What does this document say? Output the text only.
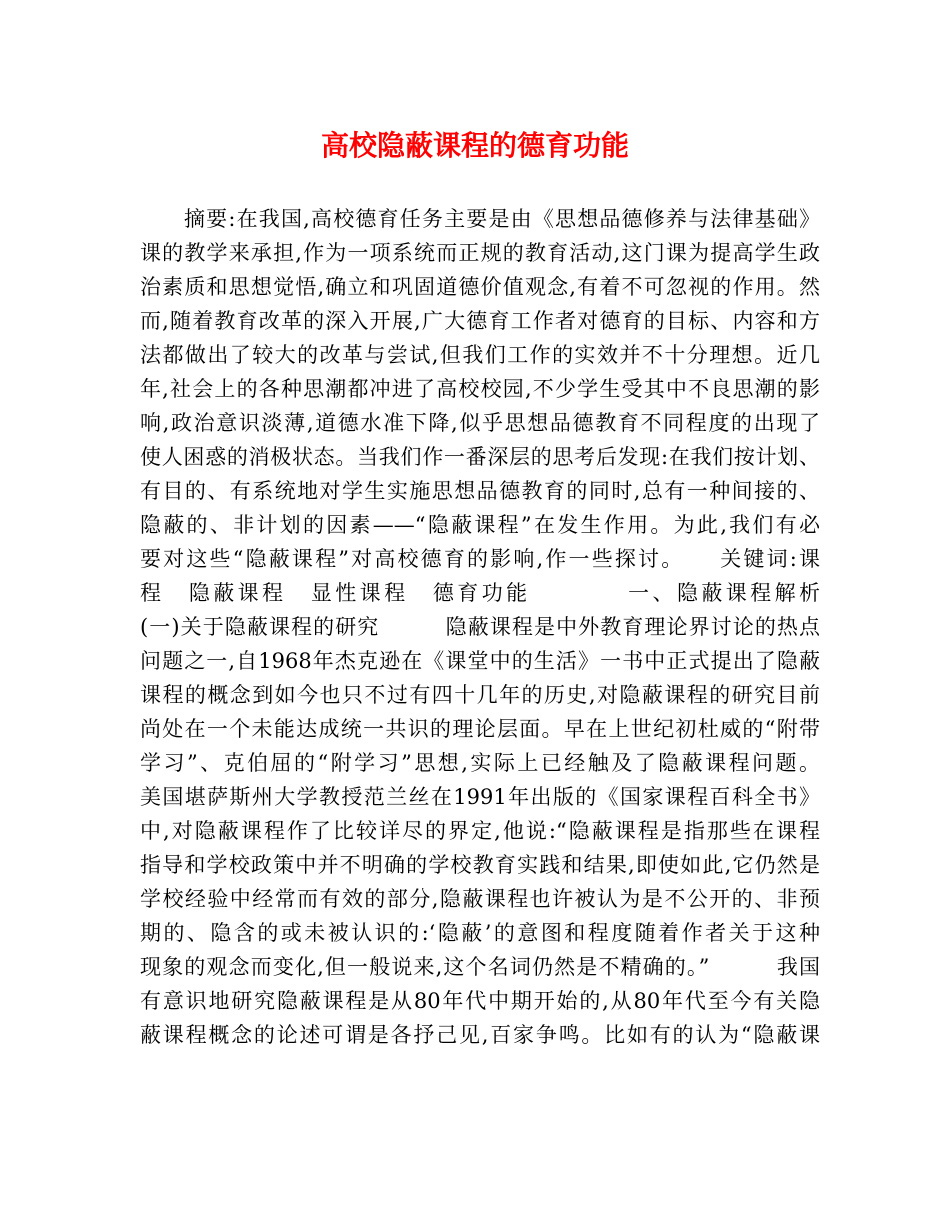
高校隐蔽课程的德育功能
摘要:在我国,高校德育任务主要是由《思想品德修养与法律基础》
课的教学来承担,作为一项系统而正规的教育活动,这门课为提高学生政
治素质和思想觉悟,确立和巩固道德价值观念,有着不可忽视的作用。然
而,随着教育改革的深入开展,广大德育工作者对德育的目标、内容和方
法都做出了较大的改革与尝试,但我们工作的实效并不十分理想。近几
年,社会上的各种思潮都冲进了高校校园,不少学生受其中不良思潮的影
响,政治意识淡薄,道德水准下降,似乎思想品德教育不同程度的出现了
使人困惑的消极状态。当我们作一番深层的思考后发现:在我们按计划、
有目的、有系统地对学生实施思想品德教育的同时,总有一种间接的、
隐蔽的、非计划的因素——“隐蔽课程”在发生作用。为此,我们有必
要对这些“隐蔽课程”对高校德育的影响,作一些探讨。　　关键词:课
程　隐蔽课程　显性课程　德育功能　　　　一、隐蔽课程解析
(一)关于隐蔽课程的研究　　　隐蔽课程是中外教育理论界讨论的热点
问题之一,自1968年杰克逊在《课堂中的生活》一书中正式提出了隐蔽
课程的概念到如今也只不过有四十几年的历史,对隐蔽课程的研究目前
尚处在一个未能达成统一共识的理论层面。早在上世纪初杜威的“附带
学习”、克伯屈的“附学习”思想,实际上已经触及了隐蔽课程问题。
美国堪萨斯州大学教授范兰丝在1991年出版的《国家课程百科全书》
中,对隐蔽课程作了比较详尽的界定,他说:“隐蔽课程是指那些在课程
指导和学校政策中并不明确的学校教育实践和结果,即使如此,它仍然是
学校经验中经常而有效的部分,隐蔽课程也许被认为是不公开的、非预
期的、隐含的或未被认识的:‘隐蔽’的意图和程度随着作者关于这种
现象的观念而变化,但一般说来,这个名词仍然是不精确的。”　　　我国
有意识地研究隐蔽课程是从80年代中期开始的,从80年代至今有关隐
蔽课程概念的论述可谓是各抒己见,百家争鸣。比如有的认为“隐蔽课
